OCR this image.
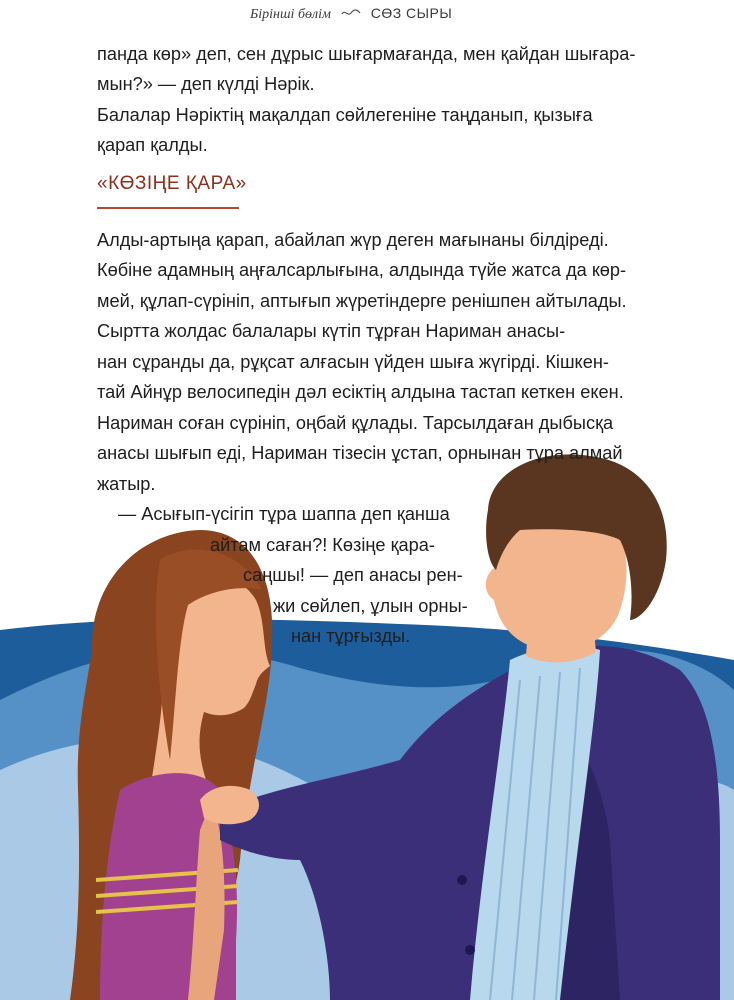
Бірінші бөлім	СӨЗ СЫРЫ
панда көр» деп, сен дұрыс шығармағанда, мен қайдан шығара-
мын?» — деп күлді Нәрік.
Балалар Нәріктің мақалдап сөйлегеніне таңданып, қызыға
қарап қалды.
«КӨЗІҢЕ ҚАРА»
Алды-артыңа қарап, абайлап жүр деген мағынаны білдіреді.
Көбіне адамның аңғалсарлығына, алдында түйе жатса да көр-
мей, құлап-сүрініп, аптығып жүретіндерге ренішпен айтылады.
Сыртта жолдас балалары күтіп тұрған Нариман анасы-
нан сұранды да, рұқсат алғасын үйден шыға жүгірді. Кішкен-
тай Айнұр велосипедін дәл есіктің алдына тастап кеткен екен.
Нариман соған сүрініп, оңбай құлады. Тарсылдаған дыбысқа
анасы шығып еді, Нариман тізесін ұстап, орнынан тұра алмай
жатыр.
— Асығып-үсігіп тұра шаппа деп қанша
айтам саған?! Көзіңе қара-
саңшы! — деп анасы рен-
жи сөйлеп, ұлын орны-
нан тұрғызды.
